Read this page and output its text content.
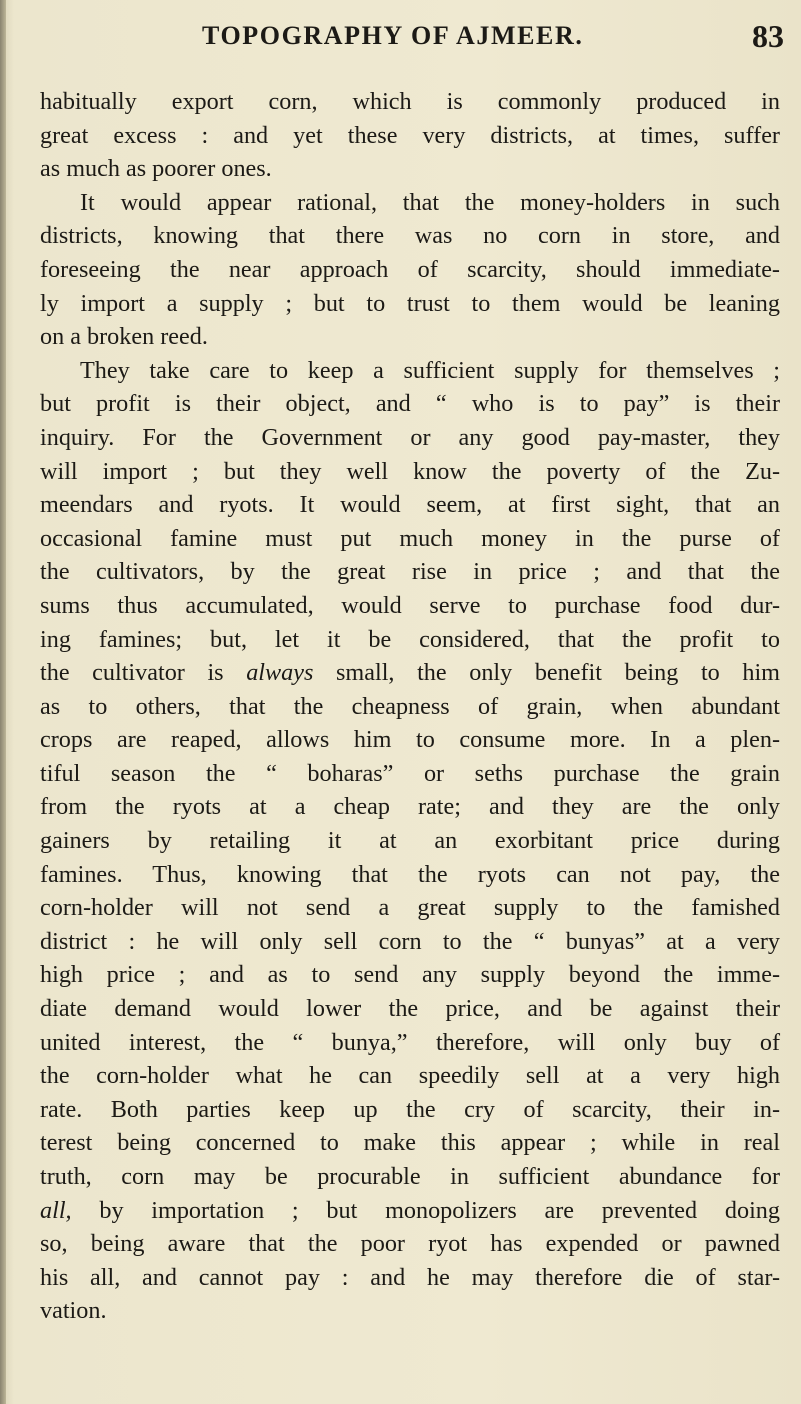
TOPOGRAPHY OF AJMEER.	83
habitually export corn, which is commonly produced in
great excess : and yet these very districts, at times, suffer
as much as poorer ones.
It would appear rational, that the money-holders in such
districts, knowing that there was no corn in store, and
foreseeing the near approach of scarcity, should immediate-
ly import a supply ; but to trust to them would be leaning
on a broken reed.
They take care to keep a sufficient supply for themselves ;
but profit is their object, and “ who is to pay” is their
inquiry. For the Government or any good pay-master, they
will import ; but they well know the poverty of the Zu-
meendars and ryots. It would seem, at first sight, that an
occasional famine must put much money in the purse of
the cultivators, by the great rise in price ; and that the
sums thus accumulated, would serve to purchase food dur-
ing famines; but, let it be considered, that the profit to
the cultivator is always small, the only benefit being to him
as to others, that the cheapness of grain, when abundant
crops are reaped, allows him to consume more. In a plen-
tiful season the “ boharas” or seths purchase the grain
from the ryots at a cheap rate; and they are the only
gainers by retailing it at an exorbitant price during
famines. Thus, knowing that the ryots can not pay, the
corn-holder will not send a great supply to the famished
district : he will only sell corn to the “ bunyas” at a very
high price ; and as to send any supply beyond the imme-
diate demand would lower the price, and be against their
united interest, the “ bunya,” therefore, will only buy of
the corn-holder what he can speedily sell at a very high
rate. Both parties keep up the cry of scarcity, their in-
terest being concerned to make this appear ; while in real
truth, corn may be procurable in sufficient abundance for
all, by importation ; but monopolizers are prevented doing
so, being aware that the poor ryot has expended or pawned
his all, and cannot pay : and he may therefore die of star-
vation.
